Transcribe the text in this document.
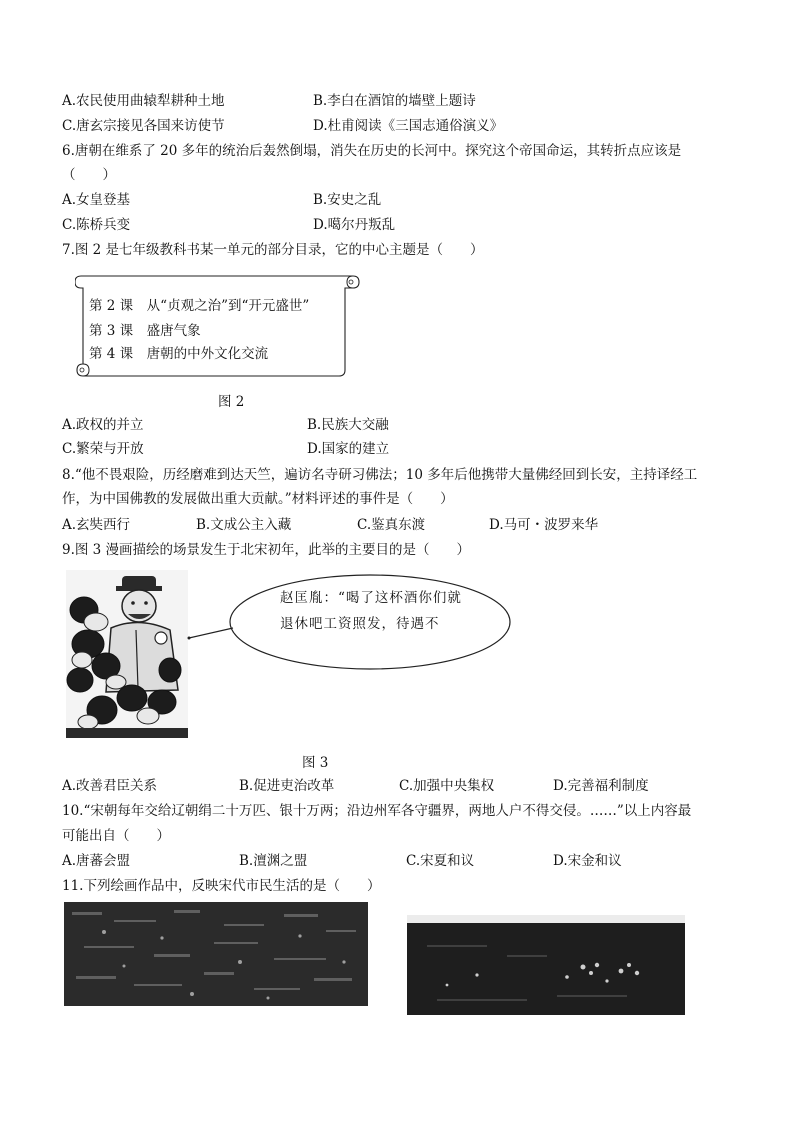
A.农民使用曲辕犁耕种土地	B.李白在酒馆的墙壁上题诗
C.唐玄宗接见各国来访使节	D.杜甫阅读《三国志通俗演义》
6.唐朝在维系了 20 多年的统治后轰然倒塌，消失在历史的长河中。探究这个帝国命运，其转折点应该是
（　　）
A.女皇登基	B.安史之乱
C.陈桥兵变	D.噶尔丹叛乱
7.图 2 是七年级教科书某一单元的部分目录，它的中心主题是（　　）
第 2 课　从“贞观之治”到“开元盛世”
第 3 课　盛唐气象
第 4 课　唐朝的中外文化交流
图 2
A.政权的并立	B.民族大交融
C.繁荣与开放	D.国家的建立
8.“他不畏艰险，历经磨难到达天竺，遍访名寺研习佛法；10 多年后他携带大量佛经回到长安，主持译经工
作，为中国佛教的发展做出重大贡献。”材料评述的事件是（　　）
A.玄奘西行	B.文成公主入藏	C.鉴真东渡	D.马可・波罗来华
9.图 3 漫画描绘的场景发生于北宋初年，此举的主要目的是（　　）
赵匡胤：“喝了这杯酒你们就
退休吧工资照发，待遇不
图 3
A.改善君臣关系	B.促进吏治改革	C.加强中央集权	D.完善福利制度
10.“宋朝每年交给辽朝绢二十万匹、银十万两；沿边州军各守疆界，两地人户不得交侵。……”以上内容最
可能出自（　　）
A.唐蕃会盟	B.澶渊之盟	C.宋夏和议	D.宋金和议
11.下列绘画作品中，反映宋代市民生活的是（　　）
